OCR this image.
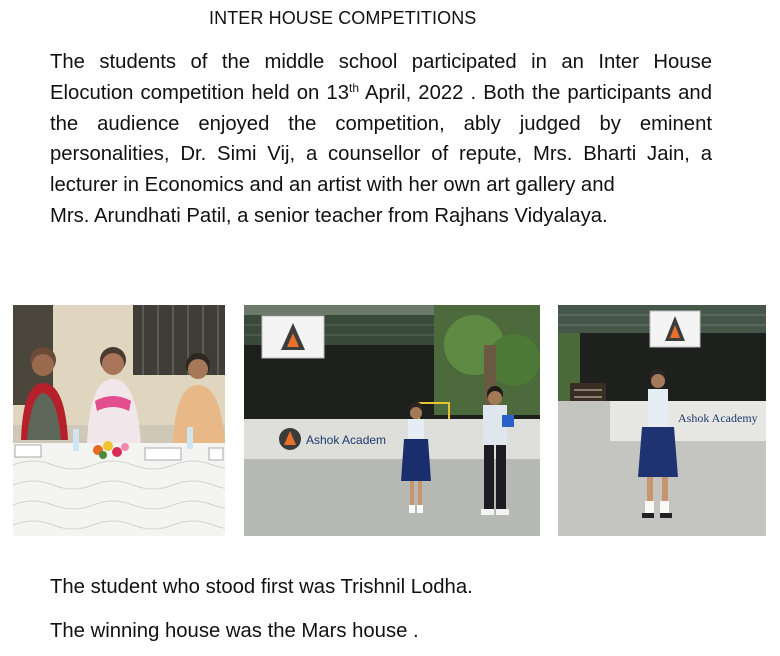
INTER HOUSE COMPETITIONS
The students of the middle school participated in an Inter House Elocution competition held on 13th April, 2022 . Both the participants and the audience enjoyed the competition, ably judged by eminent personalities, Dr. Simi Vij, a counsellor of repute, Mrs. Bharti Jain, a lecturer in Economics and an artist with her own art gallery and
Mrs. Arundhati Patil, a senior teacher from Rajhans Vidyalaya.
Ashok Academ
Ashok Academy
The student who stood first was Trishnil Lodha.
The winning house was the Mars house .
